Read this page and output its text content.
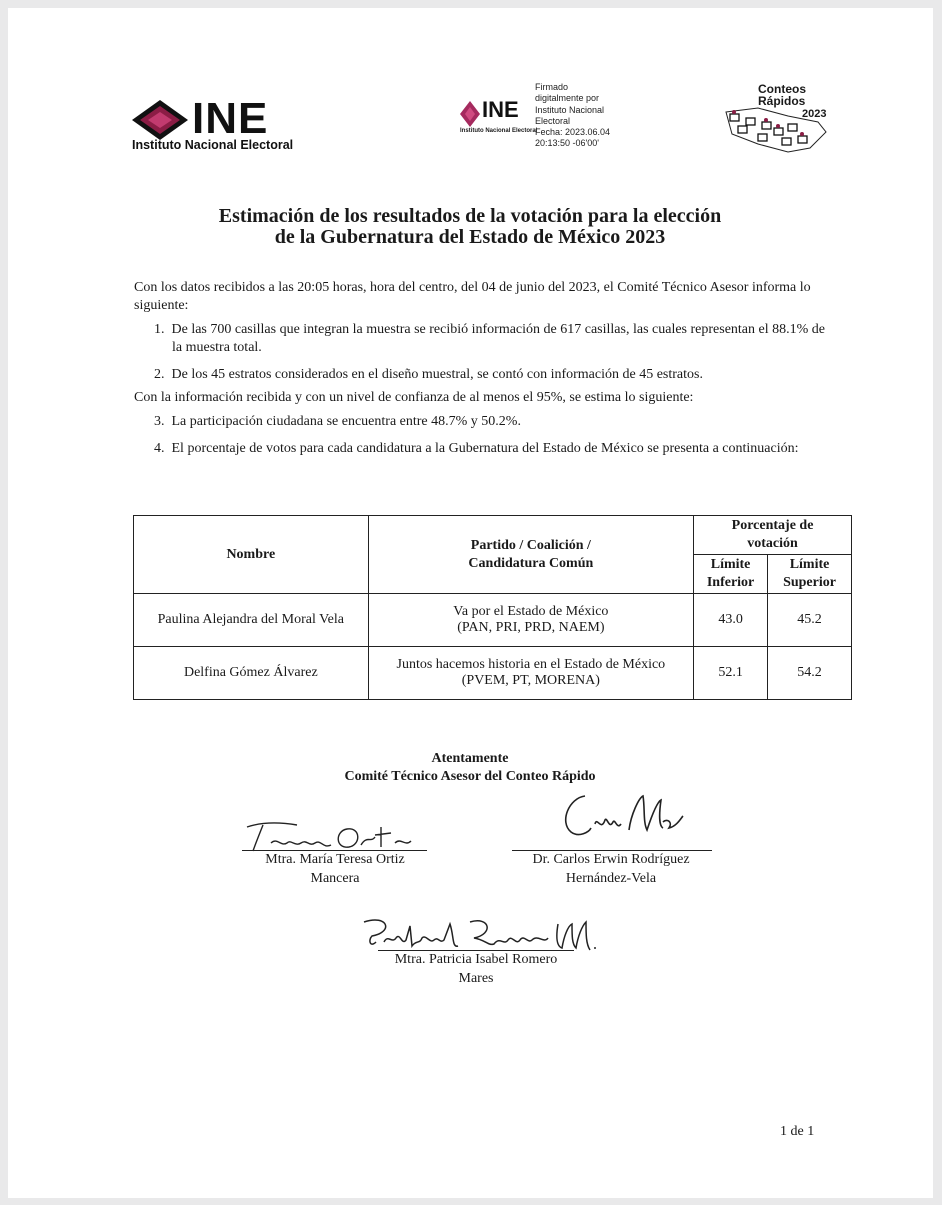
INE
Instituto Nacional Electoral
INE
Instituto Nacional Electoral
Firmado
digitalmente por
Instituto Nacional
Electoral
Fecha: 2023.06.04
20:13:50 -06'00'
Conteos
Rápidos
2023
Estimación de los resultados de la votación para la elección
de la Gubernatura del Estado de México 2023
Con los datos recibidos a las 20:05 horas, hora del centro, del 04 de junio del 2023, el Comité Técnico Asesor informa lo siguiente:
1.  De las 700 casillas que integran la muestra se recibió información de 617 casillas, las cuales representan el 88.1% de la muestra total.
2.  De los 45 estratos considerados en el diseño muestral, se contó con información de 45 estratos.
Con la información recibida y con un nivel de confianza de al menos el 95%, se estima lo siguiente:
3.  La participación ciudadana se encuentra entre 48.7% y 50.2%.
4.  El porcentaje de votos para cada candidatura a la Gubernatura del Estado de México se presenta a continuación:
Nombre	
Partido / Coalición /
Candidatura Común

Porcentaje de
votación

Límite
Inferior

Límite
Superior

Paulina Alejandra del Moral Vela	
Va por el Estado de México
(PAN, PRI, PRD, NAEM)
	43.0	45.2
Delfina Gómez Álvarez	
Juntos hacemos historia en el Estado de México
(PVEM, PT, MORENA)
	52.1	54.2
Atentamente
Comité Técnico Asesor del Conteo Rápido
Mtra. María Teresa Ortiz
Mancera
Dr. Carlos Erwin Rodríguez
Hernández-Vela
Mtra. Patricia Isabel Romero
Mares
1 de 1
